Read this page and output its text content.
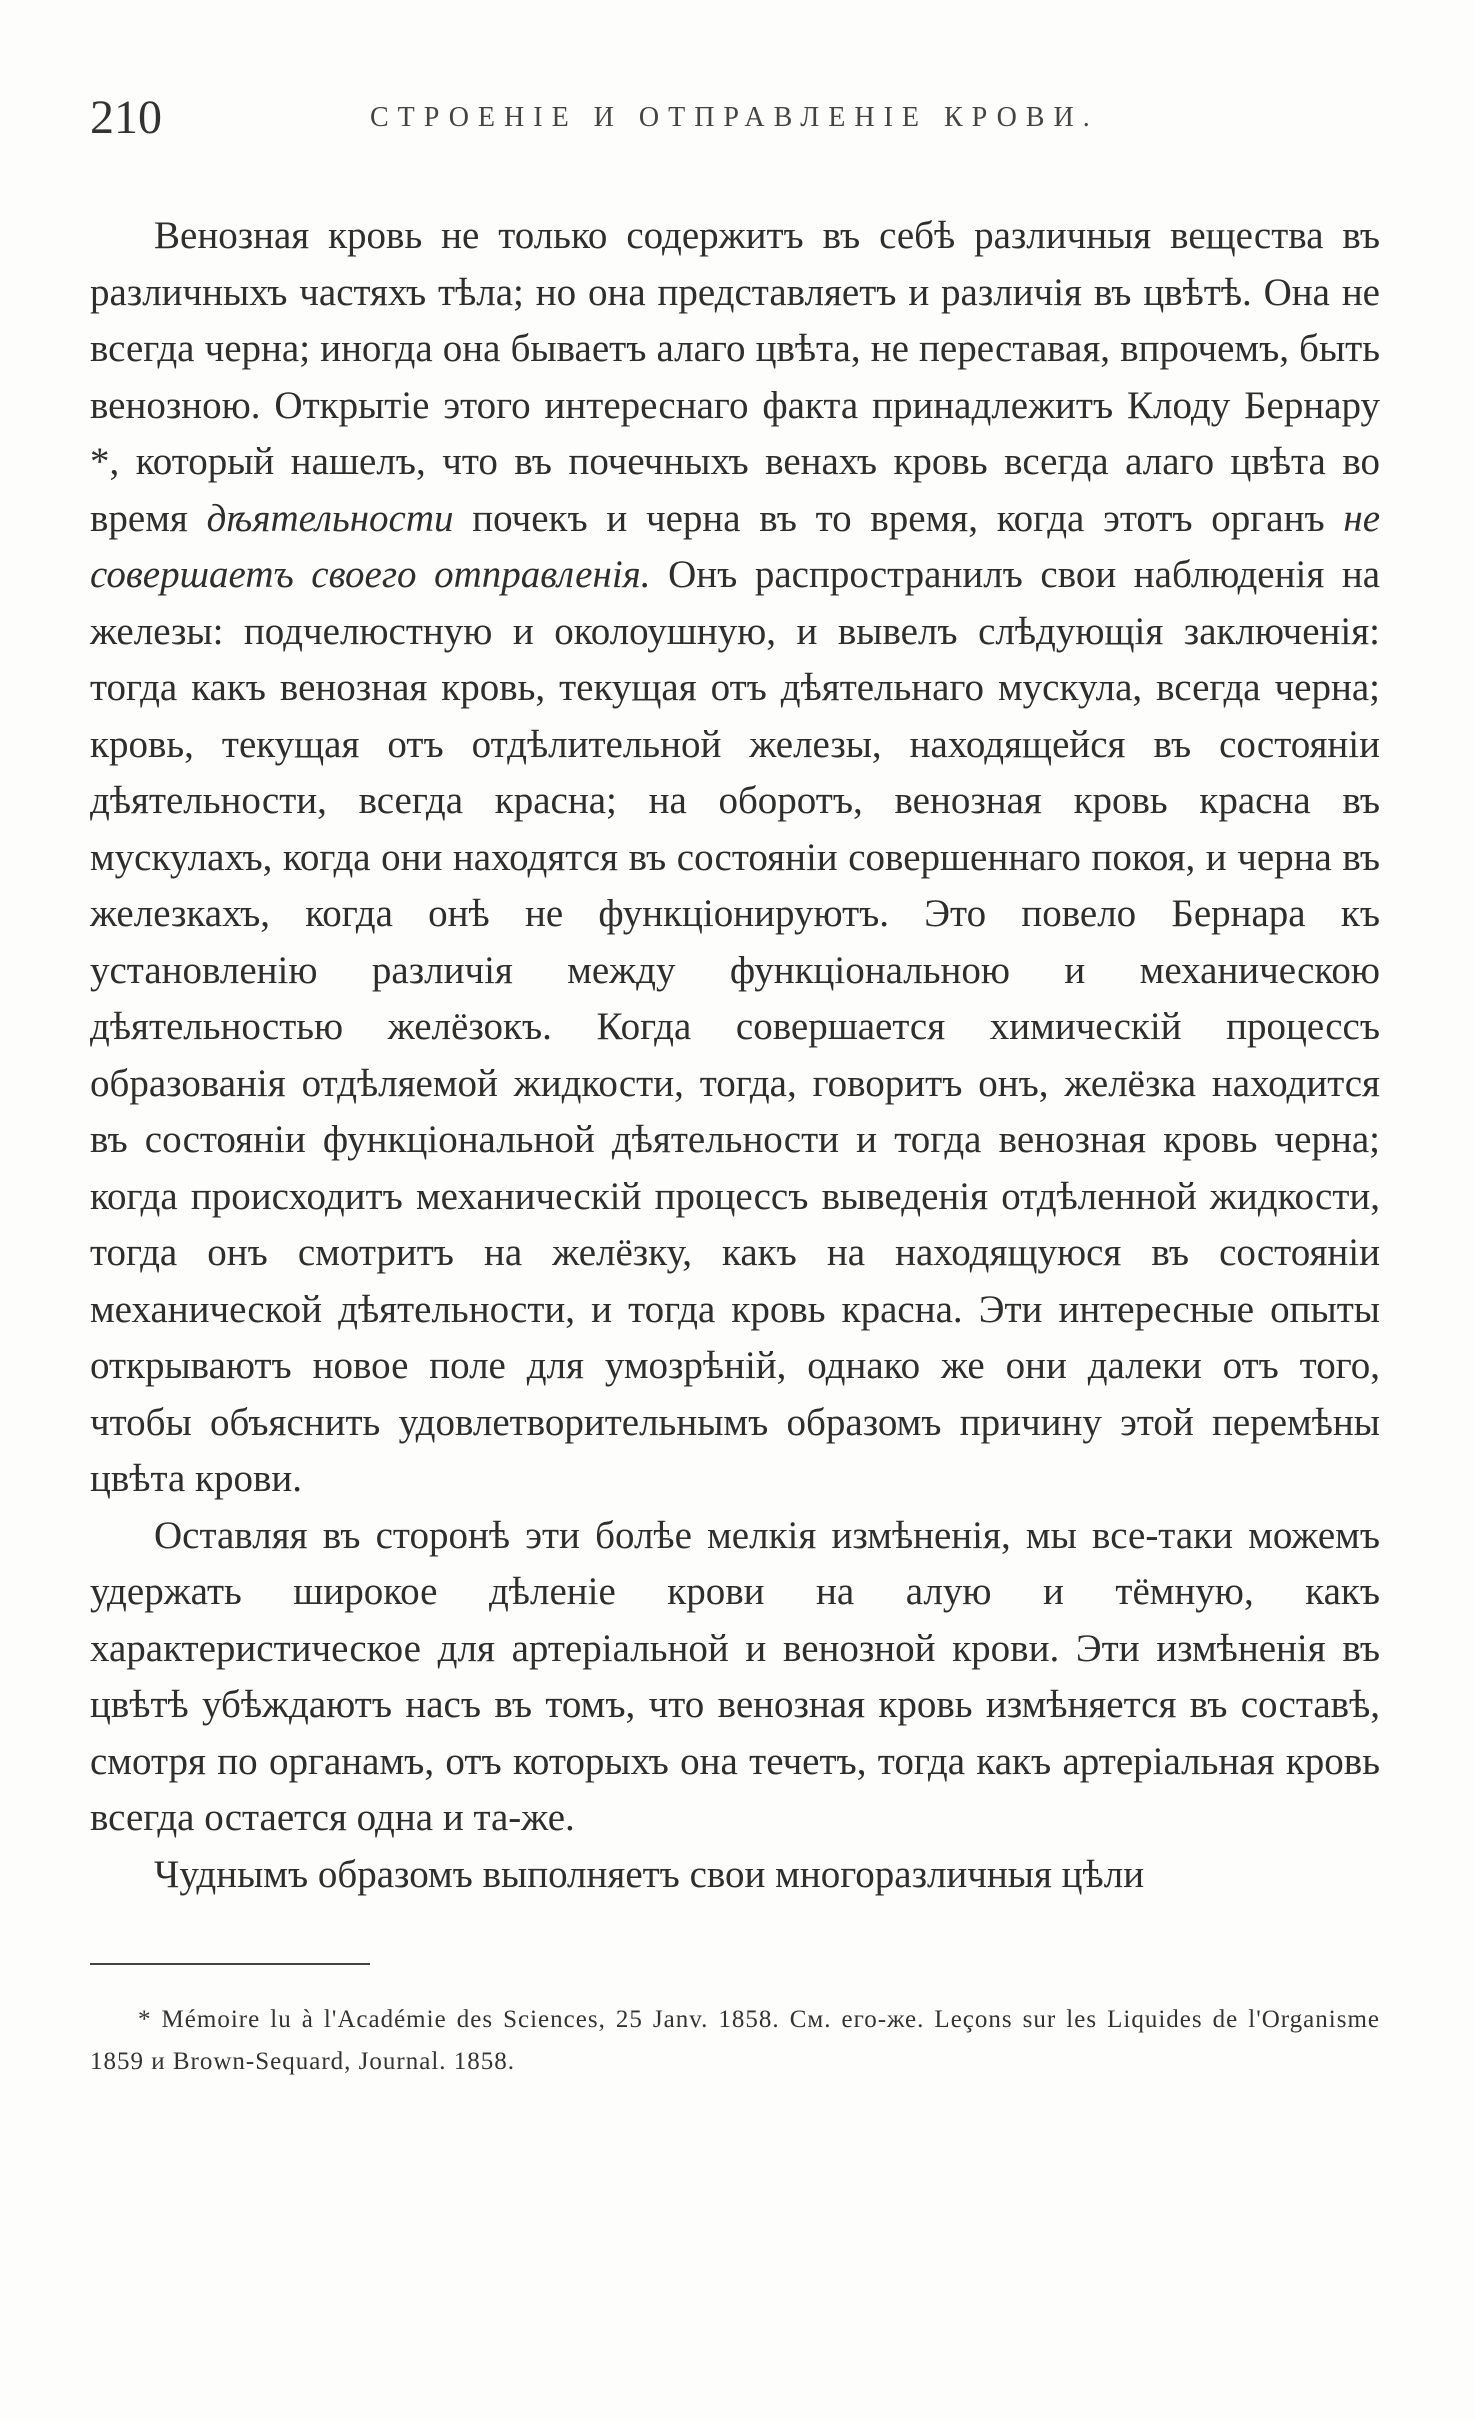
210	СТРОЕНІЕ И ОТПРАВЛЕНІЕ КРОВИ.

Венозная кровь не только содержитъ въ себѣ различныя вещества въ различныхъ частяхъ тѣла; но она представляетъ и различія въ цвѣтѣ. Она не всегда черна; иногда она бываетъ алаго цвѣта, не переставая, впрочемъ, быть венозною. Открытіе этого интереснаго факта принадлежитъ Клоду Бернару *, который нашелъ, что въ почечныхъ венахъ кровь всегда алаго цвѣта во время дѣятельности почекъ и черна въ то время, когда этотъ органъ не совершаетъ своего отправленія. Онъ распространилъ свои наблюденія на железы: подчелюстную и околоушную, и вывелъ слѣдующія заключенія: тогда какъ венозная кровь, текущая отъ дѣятельнаго мускула, всегда черна; кровь, текущая отъ отдѣлительной железы, находящейся въ состояніи дѣятельности, всегда красна; на оборотъ, венозная кровь красна въ мускулахъ, когда они находятся въ состояніи совершеннаго покоя, и черна въ железкахъ, когда онѣ не функціонируютъ. Это повело Бернара къ установленію различія между функціональною и механическою дѣятельностью желёзокъ. Когда совершается химическій процессъ образованія отдѣляемой жидкости, тогда, говоритъ онъ, желёзка находится въ состояніи функціональной дѣятельности и тогда венозная кровь черна; когда происходитъ механическій процессъ выведенія отдѣленной жидкости, тогда онъ смотритъ на желёзку, какъ на находящуюся въ состояніи механической дѣятельности, и тогда кровь красна. Эти интересные опыты открываютъ новое поле для умозрѣній, однако же они далеки отъ того, чтобы объяснить удовлетворительнымъ образомъ причину этой перемѣны цвѣта крови.

Оставляя въ сторонѣ эти болѣе мелкія измѣненія, мы все-таки можемъ удержать широкое дѣленіе крови на алую и тёмную, какъ характеристическое для артеріальной и венозной крови. Эти измѣненія въ цвѣтѣ убѣждаютъ насъ въ томъ, что венозная кровь измѣняется въ составѣ, смотря по органамъ, отъ которыхъ она течетъ, тогда какъ артеріальная кровь всегда остается одна и та-же.

Чуднымъ образомъ выполняетъ свои многоразличныя цѣли

* Mémoire lu à l'Académie des Sciences, 25 Janv. 1858. См. его-же. Leçons sur les Liquides de l'Organisme 1859 и Brown-Sequard, Journal. 1858.
